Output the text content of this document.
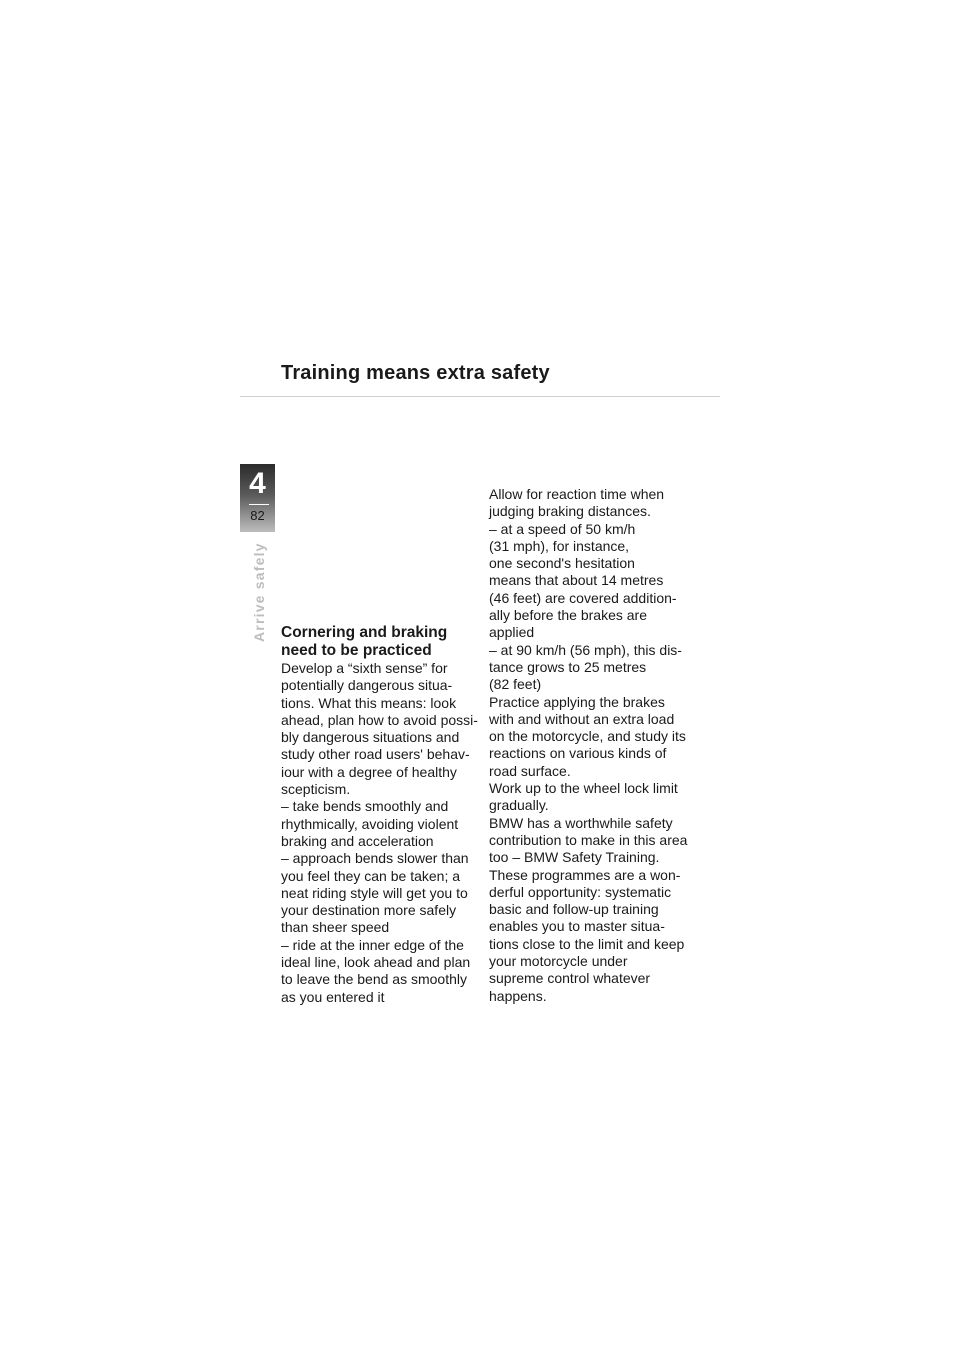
Training means extra safety
4
82
Arrive safely Cornering and braking
need to be practiced

Develop a “sixth sense” for
potentially dangerous situa-
tions. What this means: look
ahead, plan how to avoid possi-
bly dangerous situations and
study other road users' behav-
iour with a degree of healthy
scepticism.
– take bends smoothly and
rhythmically, avoiding violent
braking and acceleration
– approach bends slower than
you feel they can be taken; a
neat riding style will get you to
your destination more safely
than sheer speed
– ride at the inner edge of the
ideal line, look ahead and plan
to leave the bend as smoothly
as you entered it

Allow for reaction time when
judging braking distances.
– at a speed of 50 km/h
(31 mph), for instance,
one second's hesitation
means that about 14 metres
(46 feet) are covered addition-
ally before the brakes are
applied
– at 90 km/h (56 mph), this dis-
tance grows to 25 metres
(82 feet)
Practice applying the brakes
with and without an extra load
on the motorcycle, and study its
reactions on various kinds of
road surface.
Work up to the wheel lock limit
gradually.
BMW has a worthwhile safety
contribution to make in this area
too – BMW Safety Training.
These programmes are a won-
derful opportunity: systematic
basic and follow-up training
enables you to master situa-
tions close to the limit and keep
your motorcycle under
supreme control whatever
happens.
